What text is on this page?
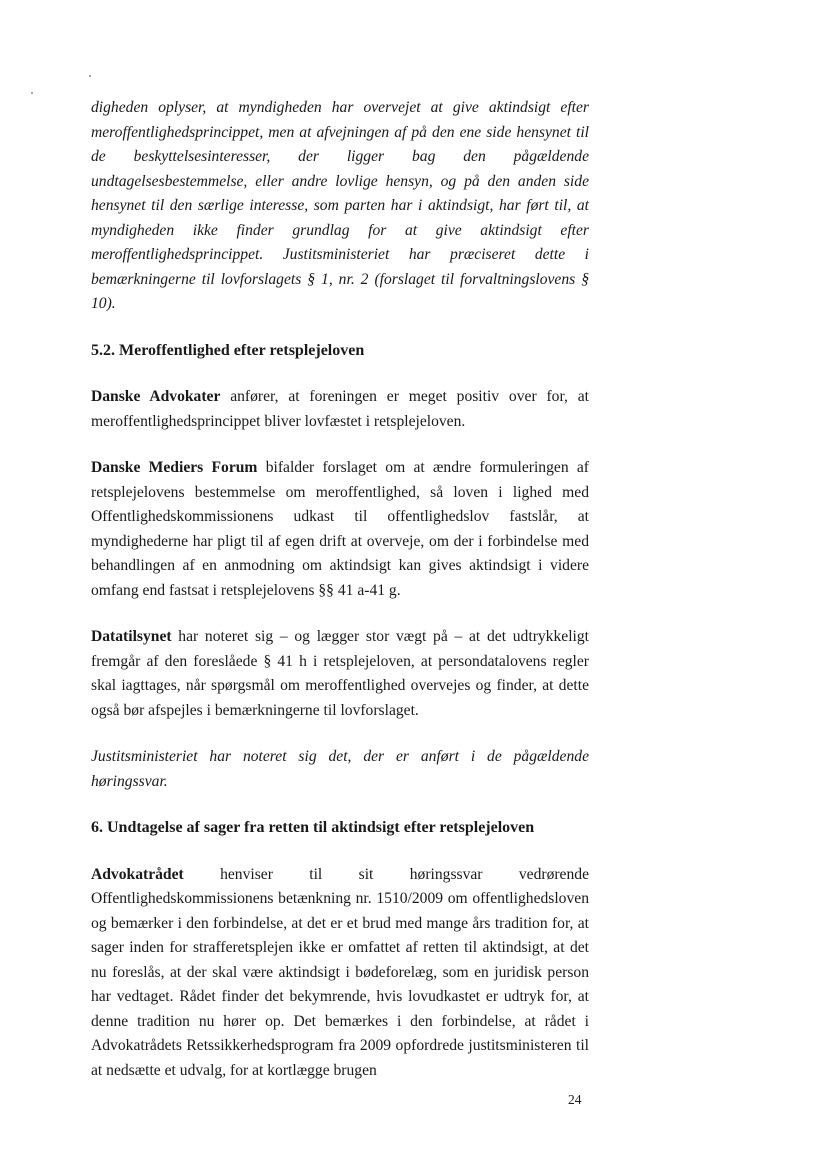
digheden oplyser, at myndigheden har overvejet at give aktindsigt efter meroffentlighedsprincippet, men at afvejningen af på den ene side hensynet til de beskyttelsesinteresser, der ligger bag den pågældende undtagelsesbestemmelse, eller andre lovlige hensyn, og på den anden side hensynet til den særlige interesse, som parten har i aktindsigt, har ført til, at myndigheden ikke finder grundlag for at give aktindsigt efter meroffentlighedsprincippet. Justitsministeriet har præciseret dette i bemærkningerne til lovforslagets § 1, nr. 2 (forslaget til forvaltningslovens § 10).

5.2. Meroffentlighed efter retsplejeloven

Danske Advokater anfører, at foreningen er meget positiv over for, at meroffentlighedsprincippet bliver lovfæstet i retsplejeloven.

Danske Mediers Forum bifalder forslaget om at ændre formuleringen af retsplejelovens bestemmelse om meroffentlighed, så loven i lighed med Offentlighedskommissionens udkast til offentlighedslov fastslår, at myndighederne har pligt til af egen drift at overveje, om der i forbindelse med behandlingen af en anmodning om aktindsigt kan gives aktindsigt i videre omfang end fastsat i retsplejelovens §§ 41 a-41 g.

Datatilsynet har noteret sig – og lægger stor vægt på – at det udtrykkeligt fremgår af den foreslåede § 41 h i retsplejeloven, at persondatalovens regler skal iagttages, når spørgsmål om meroffentlighed overvejes og finder, at dette også bør afspejles i bemærkningerne til lovforslaget.

Justitsministeriet har noteret sig det, der er anført i de pågældende høringssvar.

6. Undtagelse af sager fra retten til aktindsigt efter retsplejeloven

Advokatrådet henviser til sit høringssvar vedrørende Offentlighedskommissionens betænkning nr. 1510/2009 om offentlighedsloven og bemærker i den forbindelse, at det er et brud med mange års tradition for, at sager inden for strafferetsplejen ikke er omfattet af retten til aktindsigt, at det nu foreslås, at der skal være aktindsigt i bødeforelæg, som en juridisk person har vedtaget. Rådet finder det bekymrende, hvis lovudkastet er udtryk for, at denne tradition nu hører op. Det bemærkes i den forbindelse, at rådet i Advokatrådets Retssikkerhedsprogram fra 2009 opfordrede justitsministeren til at nedsætte et udvalg, for at kortlægge brugen

24
